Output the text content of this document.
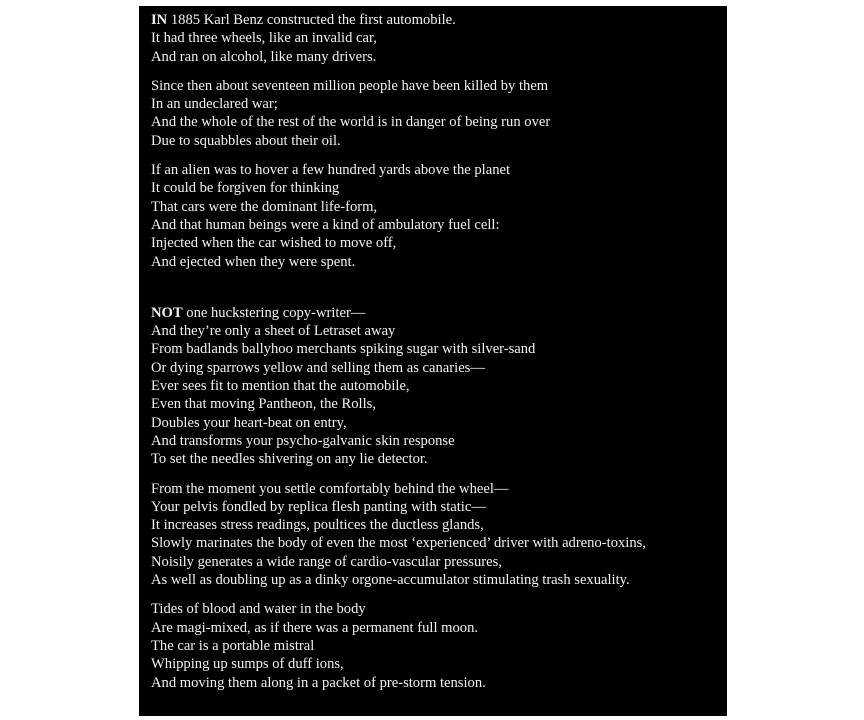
IN 1885 Karl Benz constructed the first automobile.
It had three wheels, like an invalid car,
And ran on alcohol, like many drivers.
Since then about seventeen million people have been killed by them
In an undeclared war;
And the whole of the rest of the world is in danger of being run over
Due to squabbles about their oil.
If an alien was to hover a few hundred yards above the planet
It could be forgiven for thinking
That cars were the dominant life-form,
And that human beings were a kind of ambulatory fuel cell:
Injected when the car wished to move off,
And ejected when they were spent.
NOT one huckstering copy-writer—
And they’re only a sheet of Letraset away
From badlands ballyhoo merchants spiking sugar with silver-sand
Or dying sparrows yellow and selling them as canaries—
Ever sees fit to mention that the automobile,
Even that moving Pantheon, the Rolls,
Doubles your heart-beat on entry,
And transforms your psycho-galvanic skin response
To set the needles shivering on any lie detector.
From the moment you settle comfortably behind the wheel—
Your pelvis fondled by replica flesh panting with static—
It increases stress readings, poultices the ductless glands,
Slowly marinates the body of even the most ‘experienced’ driver with adreno-toxins,
Noisily generates a wide range of cardio-vascular pressures,
As well as doubling up as a dinky orgone-accumulator stimulating trash sexuality.
Tides of blood and water in the body
Are magi-mixed, as if there was a permanent full moon.
The car is a portable mistral
Whipping up sumps of duff ions,
And moving them along in a packet of pre-storm tension.
